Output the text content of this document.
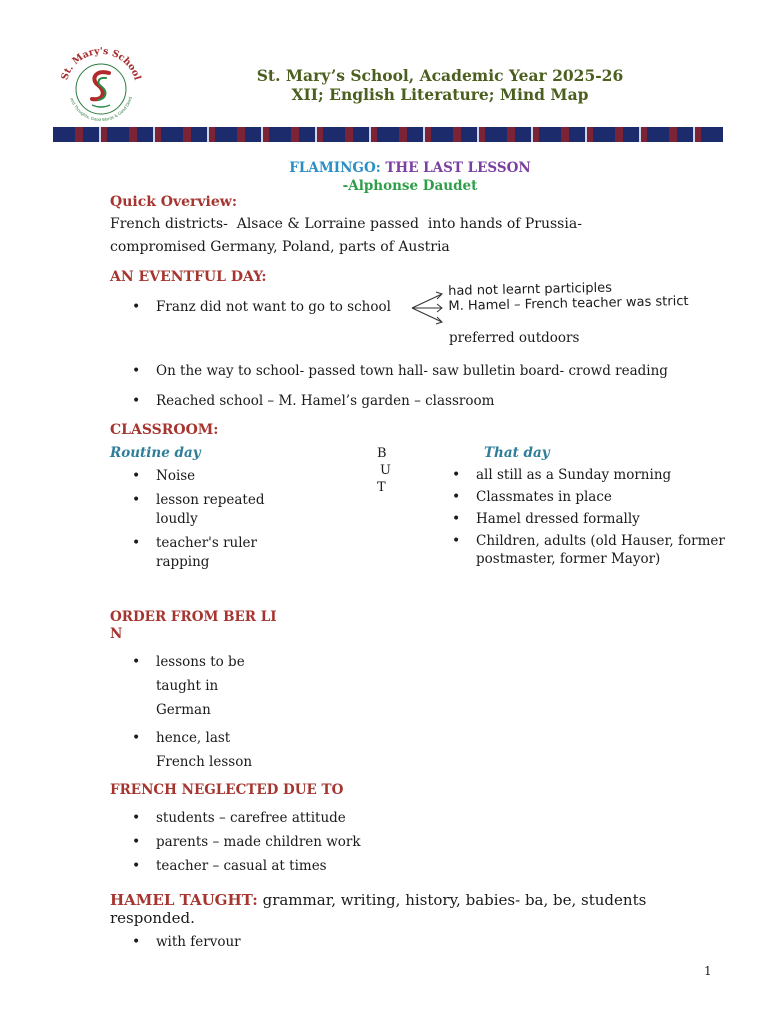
St. Mary's School
ood Thoughts, Good Words & Good Deed
St. Mary’s School, Academic Year 2025-26
XII; English Literature; Mind Map
FLAMINGO: THE LAST LESSON
-Alphonse Daudet
Quick Overview:
French districts-  Alsace & Lorraine passed  into hands of Prussia-
compromised Germany, Poland, parts of Austria
AN EVENTFUL DAY:
• Franz did not want to go to school
had not learnt participles
M. Hamel – French teacher was strict
preferred outdoors
• On the way to school- passed town hall- saw bulletin board- crowd reading
• Reached school – M. Hamel’s garden – classroom
CLASSROOM:
Routine day
• Noise
• lesson repeated loudly
• teacher's ruler rapping
B
U
T
That day
• all still as a Sunday morning
• Classmates in place
• Hamel dressed formally
• Children, adults (old Hauser, former postmaster, former Mayor)
ORDER FROM BER LI
N
• lessons to be taught in German
• hence, last French lesson
FRENCH NEGLECTED DUE TO
• students – carefree attitude
• parents – made children work
• teacher – casual at times
HAMEL TAUGHT: grammar, writing, history, babies- ba, be, students responded.
• with fervour
1
